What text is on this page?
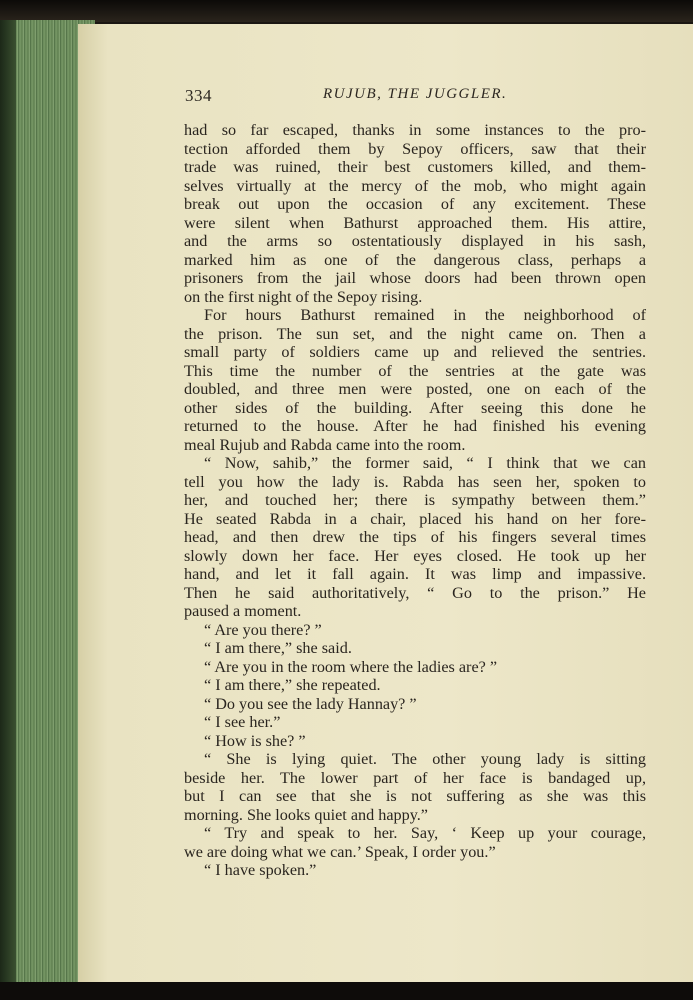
334	RUJUB, THE JUGGLER.

had so far escaped, thanks in some instances to the pro-

tection afforded them by Sepoy officers, saw that their

trade was ruined, their best customers killed, and them-

selves virtually at the mercy of the mob, who might again

break out upon the occasion of any excitement. These

were silent when Bathurst approached them. His attire,

and the arms so ostentatiously displayed in his sash,

marked him as one of the dangerous class, perhaps a

prisoners from the jail whose doors had been thrown open

on the first night of the Sepoy rising.

For hours Bathurst remained in the neighborhood of

the prison. The sun set, and the night came on. Then a

small party of soldiers came up and relieved the sentries.

This time the number of the sentries at the gate was

doubled, and three men were posted, one on each of the

other sides of the building. After seeing this done he

returned to the house. After he had finished his evening

meal Rujub and Rabda came into the room.

“ Now, sahib,” the former said, “ I think that we can

tell you how the lady is. Rabda has seen her, spoken to

her, and touched her; there is sympathy between them.”

He seated Rabda in a chair, placed his hand on her fore-

head, and then drew the tips of his fingers several times

slowly down her face. Her eyes closed. He took up her

hand, and let it fall again. It was limp and impassive.

Then he said authoritatively, “ Go to the prison.” He

paused a moment.

“ Are you there? ”

“ I am there,” she said.

“ Are you in the room where the ladies are? ”

“ I am there,” she repeated.

“ Do you see the lady Hannay? ”

“ I see her.”

“ How is she? ”

“ She is lying quiet. The other young lady is sitting

beside her. The lower part of her face is bandaged up,

but I can see that she is not suffering as she was this

morning. She looks quiet and happy.”

“ Try and speak to her. Say, ‘ Keep up your courage,

we are doing what we can.’ Speak, I order you.”

“ I have spoken.”
